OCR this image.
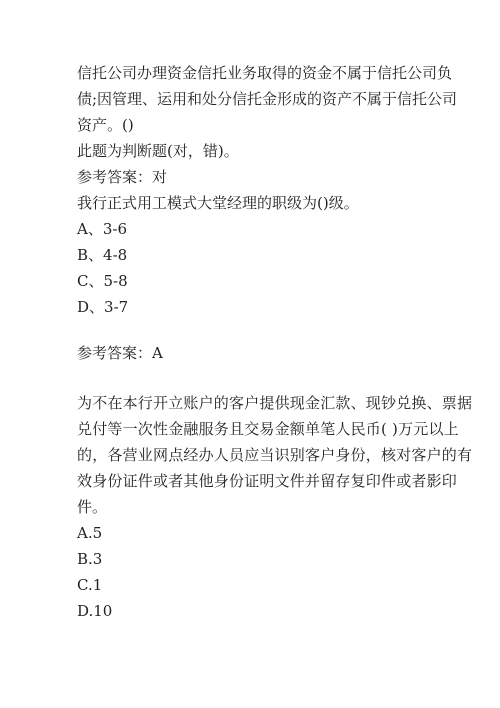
信托公司办理资金信托业务取得的资金不属于信托公司负
债;因管理、运用和处分信托金形成的资产不属于信托公司
资产。()
此题为判断题(对，错)。
参考答案：对
我行正式用工模式大堂经理的职级为()级。
A、3-6
B、4-8
C、5-8
D、3-7
参考答案：A
为不在本行开立账户的客户提供现金汇款、现钞兑换、票据
兑付等一次性金融服务且交易金额单笔人民币( )万元以上
的，各营业网点经办人员应当识别客户身份，核对客户的有
效身份证件或者其他身份证明文件并留存复印件或者影印
件。
A.5
B.3
C.1
D.10
